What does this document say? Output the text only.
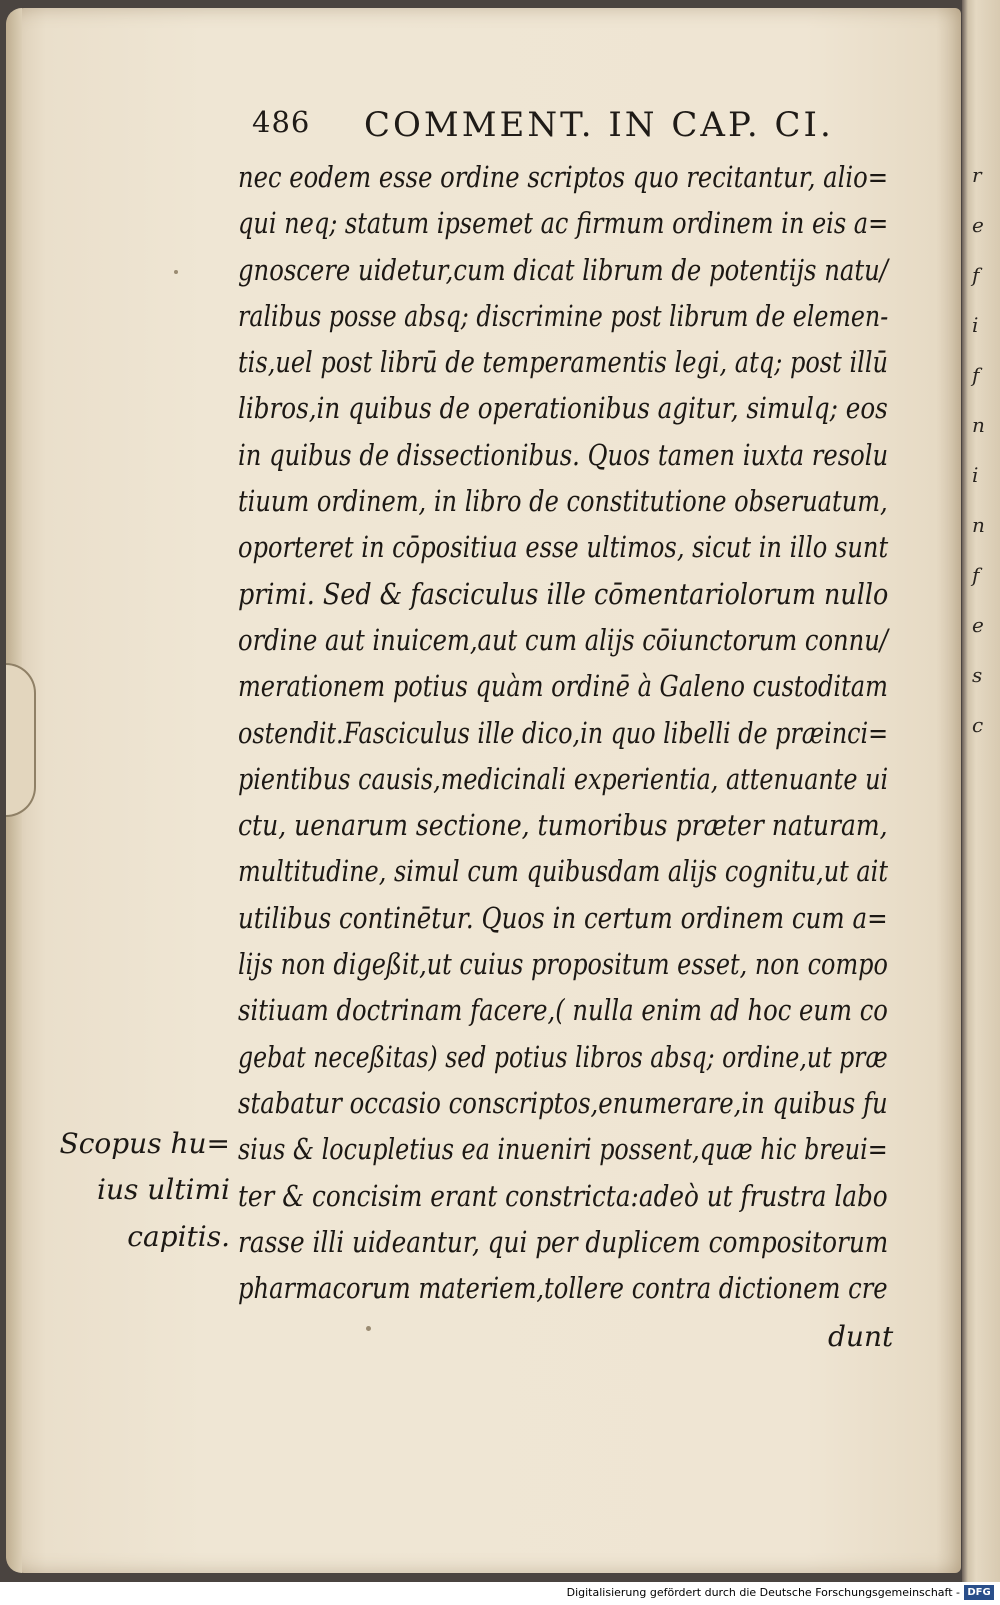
r
e
f
i
f
n
i
n
f
e
s
c
486 COMMENT. IN CAP. CI.
nec eodem esse ordine scriptos quo recitantur, alio=
qui neq; statum ipsemet ac firmum ordinem in eis a=
gnoscere uidetur,cum dicat librum de potentijs natu/
ralibus posse absq; discrimine post librum de elemen-
tis,uel post librū de temperamentis legi, atq; post illū
libros,in quibus de operationibus agitur, simulq; eos
in quibus de dissectionibus. Quos tamen iuxta resolu
tiuum ordinem, in libro de constitutione obseruatum,
oporteret in cōpositiua esse ultimos, sicut in illo sunt
primi. Sed & fasciculus ille cōmentariolorum nullo
ordine aut inuicem,aut cum alijs cōiunctorum connu/
merationem potius quàm ordinē à Galeno custoditam
ostendit.Fasciculus ille dico,in quo libelli de præinci=
pientibus causis,medicinali experientia, attenuante ui
ctu, uenarum sectione, tumoribus præter naturam,
multitudine, simul cum quibusdam alijs cognitu,ut ait
utilibus continētur. Quos in certum ordinem cum a=
lijs non digeßit,ut cuius propositum esset, non compo
sitiuam doctrinam facere,( nulla enim ad hoc eum co
gebat neceßitas) sed potius libros absq; ordine,ut præ
stabatur occasio conscriptos,enumerare,in quibus fu
sius & locupletius ea inueniri possent,quæ hic breui=
ter & concisim erant constricta:adeò ut frustra labo
rasse illi uideantur, qui per duplicem compositorum
pharmacorum materiem,tollere contra dictionem cre
Scopus hu=
ius ultimi
capitis.
dunt
Digitalisierung gefördert durch die Deutsche Forschungsgemeinschaft - DFG
